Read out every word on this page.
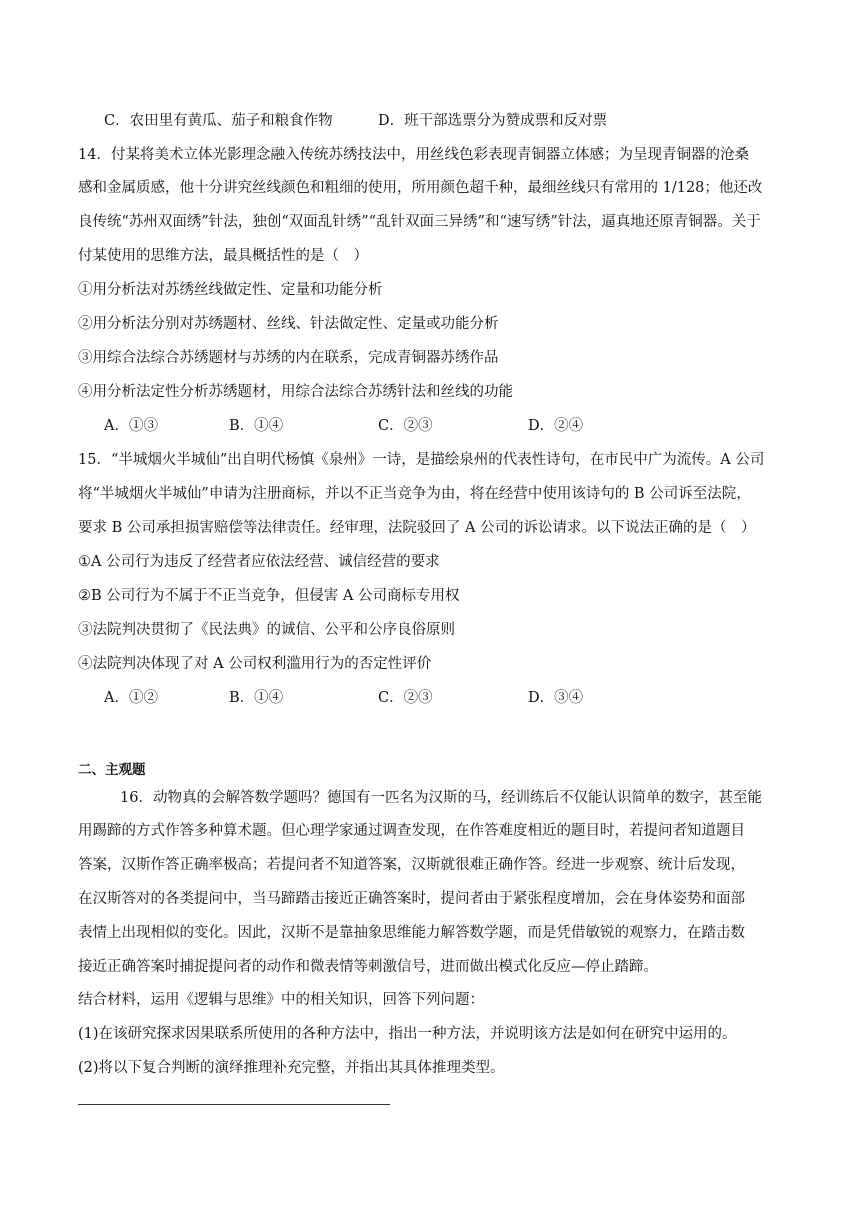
C．农田里有黄瓜、茄子和粮食作物	D．班干部选票分为赞成票和反对票
14．付某将美术立体光影理念融入传统苏绣技法中，用丝线色彩表现青铜器立体感；为呈现青铜器的沧桑
感和金属质感，他十分讲究丝线颜色和粗细的使用，所用颜色超千种，最细丝线只有常用的 1/128；他还改
良传统“苏州双面绣”针法，独创“双面乱针绣”“乱针双面三异绣”和“速写绣”针法，逼真地还原青铜器。关于
付某使用的思维方法，最具概括性的是（　）
①用分析法对苏绣丝线做定性、定量和功能分析
②用分析法分别对苏绣题材、丝线、针法做定性、定量或功能分析
③用综合法综合苏绣题材与苏绣的内在联系，完成青铜器苏绣作品
④用分析法定性分析苏绣题材，用综合法综合苏绣针法和丝线的功能
A．①③	B．①④	C．②③	D．②④
15．“半城烟火半城仙”出自明代杨慎《泉州》一诗，是描绘泉州的代表性诗句，在市民中广为流传。A 公司
将“半城烟火半城仙”申请为注册商标，并以不正当竞争为由，将在经营中使用该诗句的 B 公司诉至法院，
要求 B 公司承担损害赔偿等法律责任。经审理，法院驳回了 A 公司的诉讼请求。以下说法正确的是（　）
①A 公司行为违反了经营者应依法经营、诚信经营的要求
②B 公司行为不属于不正当竞争，但侵害 A 公司商标专用权
③法院判决贯彻了《民法典》的诚信、公平和公序良俗原则
④法院判决体现了对 A 公司权利滥用行为的否定性评价
A．①②	B．①④	C．②③	D．③④
二、主观题
16．动物真的会解答数学题吗？德国有一匹名为汉斯的马，经训练后不仅能认识简单的数字，甚至能
用踢蹄的方式作答多种算术题。但心理学家通过调查发现，在作答难度相近的题目时，若提问者知道题目
答案，汉斯作答正确率极高；若提问者不知道答案，汉斯就很难正确作答。经进一步观察、统计后发现，
在汉斯答对的各类提问中，当马蹄踏击接近正确答案时，提问者由于紧张程度增加，会在身体姿势和面部
表情上出现相似的变化。因此，汉斯不是靠抽象思维能力解答数学题，而是凭借敏锐的观察力，在踏击数
接近正确答案时捕捉提问者的动作和微表情等刺激信号，进而做出模式化反应—停止踏蹄。
结合材料，运用《逻辑与思维》中的相关知识，回答下列问题：
(1)在该研究探求因果联系所使用的各种方法中，指出一种方法，并说明该方法是如何在研究中运用的。
(2)将以下复合判断的演绎推理补充完整，并指出其具体推理类型。
